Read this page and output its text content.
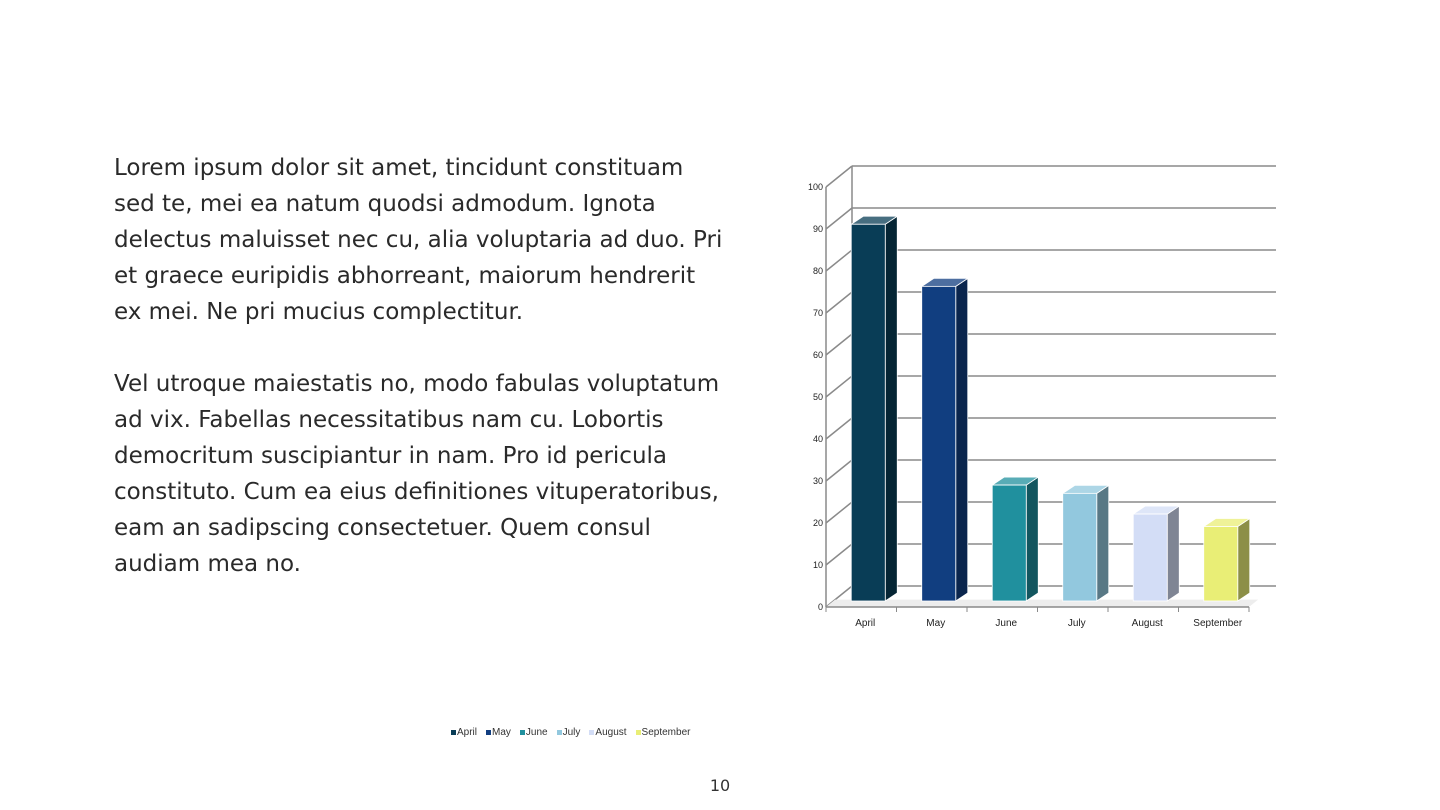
Lorem ipsum dolor sit amet, tincidunt constituam sed te, mei ea natum quodsi admodum. Ignota delectus maluisset nec cu, alia voluptaria ad duo. Pri et graece euripidis abhorreant, maiorum hendrerit ex mei. Ne pri mucius complectitur.

Vel utroque maiestatis no, modo fabulas voluptatum ad vix. Fabellas necessitatibus nam cu. Lobortis democritum suscipiantur in nam. Pro id pericula constituto. Cum ea eius definitiones vituperatoribus, eam an sadipscing consectetuer. Quem consul audiam mea no.

0
10
20
30
40
50
60
70
80
90
100
April	May	June	July	August	September
April May June July August September
10
